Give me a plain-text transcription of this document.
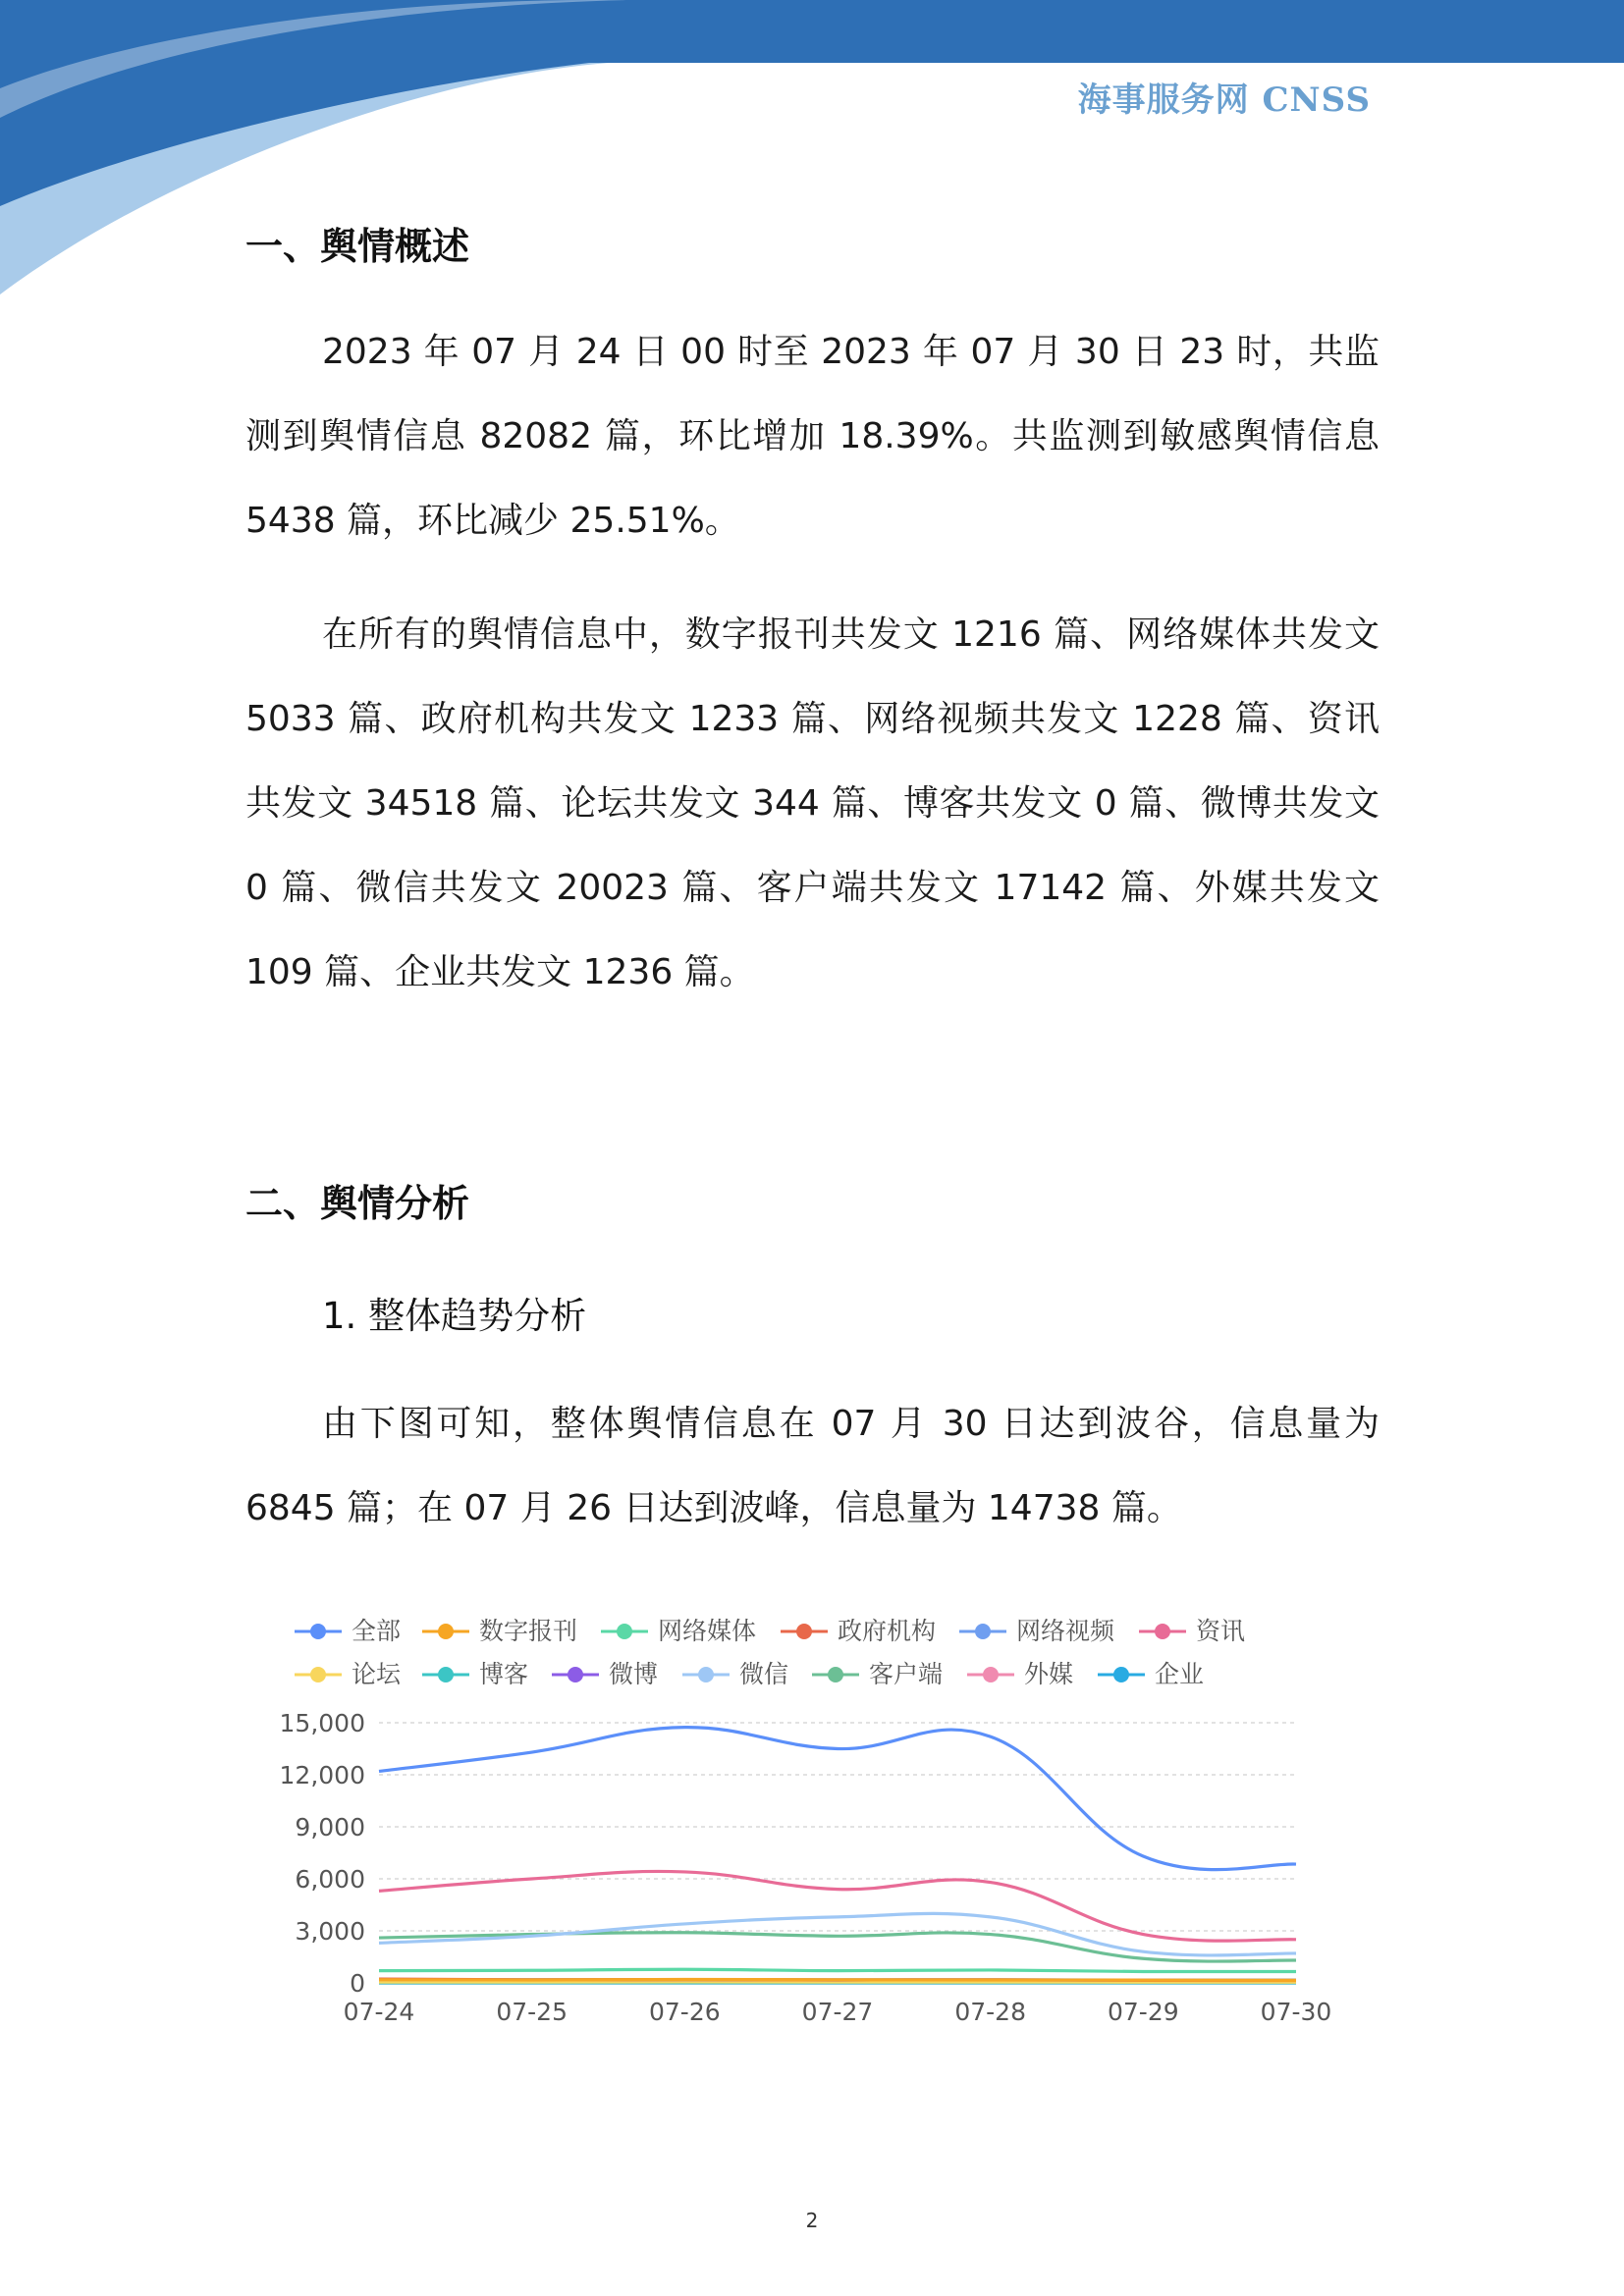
海事服务网 CNSS
一、舆情概述

2023 年 07 月 24 日 00 时至 2023 年 07 月 30 日 23 时，共监测到舆情信息 82082 篇，环比增加 18.39%。共监测到敏感舆情信息 5438 篇，环比减少 25.51%。

在所有的舆情信息中，数字报刊共发文 1216 篇、网络媒体共发文 5033 篇、政府机构共发文 1233 篇、网络视频共发文 1228 篇、资讯共发文 34518 篇、论坛共发文 344 篇、博客共发文 0 篇、微博共发文 0 篇、微信共发文 20023 篇、客户端共发文 17142 篇、外媒共发文 109 篇、企业共发文 1236 篇。

二、舆情分析
1. 整体趋势分析

由下图可知，整体舆情信息在 07 月 30 日达到波谷，信息量为 6845 篇；在 07 月 26 日达到波峰，信息量为 14738 篇。

全部	数字报刊	网络媒体	政府机构	网络视频	资讯
论坛	博客	微博	微信	客户端	外媒	企业
0
3,000
6,000
9,000
12,000
15,000
07-24	07-25	07-26	07-27	07-28	07-29	07-30
2
